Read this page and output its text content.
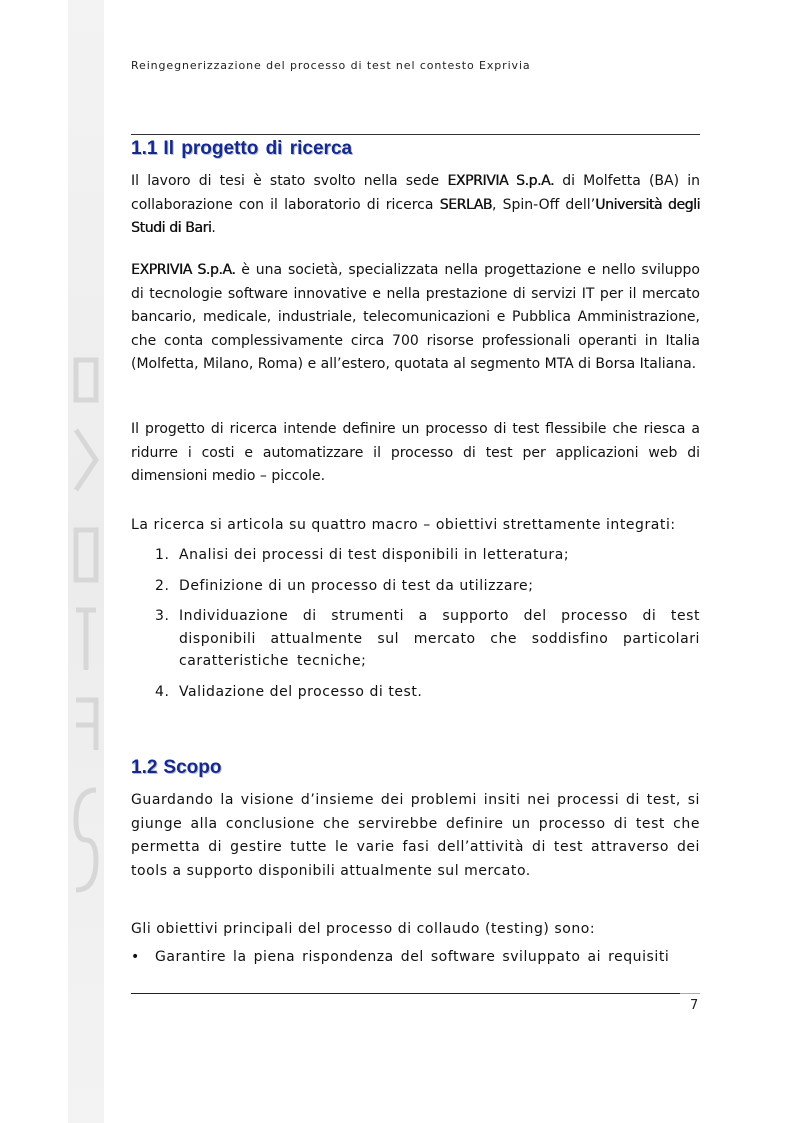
Reingegnerizzazione del processo di test nel contesto Exprivia
1.1 Il progetto di ricerca

Il lavoro di tesi è stato svolto nella sede EXPRIVIA S.p.A. di Molfetta (BA) in collaborazione con il laboratorio di ricerca SERLAB, Spin-Off dell’Università degli Studi di Bari.

EXPRIVIA S.p.A. è una società, specializzata nella progettazione e nello sviluppo di tecnologie software innovative e nella prestazione di servizi IT per il mercato bancario, medicale, industriale, telecomunicazioni e Pubblica Amministrazione, che conta complessivamente circa 700 risorse professionali operanti in Italia (Molfetta, Milano, Roma) e all’estero, quotata al segmento MTA di Borsa Italiana.

Il progetto di ricerca intende definire un processo di test flessibile che riesca a ridurre i costi e automatizzare il processo di test per applicazioni web di dimensioni medio – piccole.

La ricerca si articola su quattro macro – obiettivi strettamente integrati:

1. Analisi dei processi di test disponibili in letteratura;
2. Definizione di un processo di test da utilizzare;
3. Individuazione di strumenti a supporto del processo di test disponibili attualmente sul mercato che soddisfino particolari caratteristiche tecniche;
4. Validazione del processo di test.
1.2 Scopo

Guardando la visione d’insieme dei problemi insiti nei processi di test, si giunge alla conclusione che servirebbe definire un processo di test che permetta di gestire tutte le varie fasi dell’attività di test attraverso dei tools a supporto disponibili attualmente sul mercato.

Gli obiettivi principali del processo di collaudo (testing) sono:

• Garantire la piena rispondenza del software sviluppato ai requisiti
7
